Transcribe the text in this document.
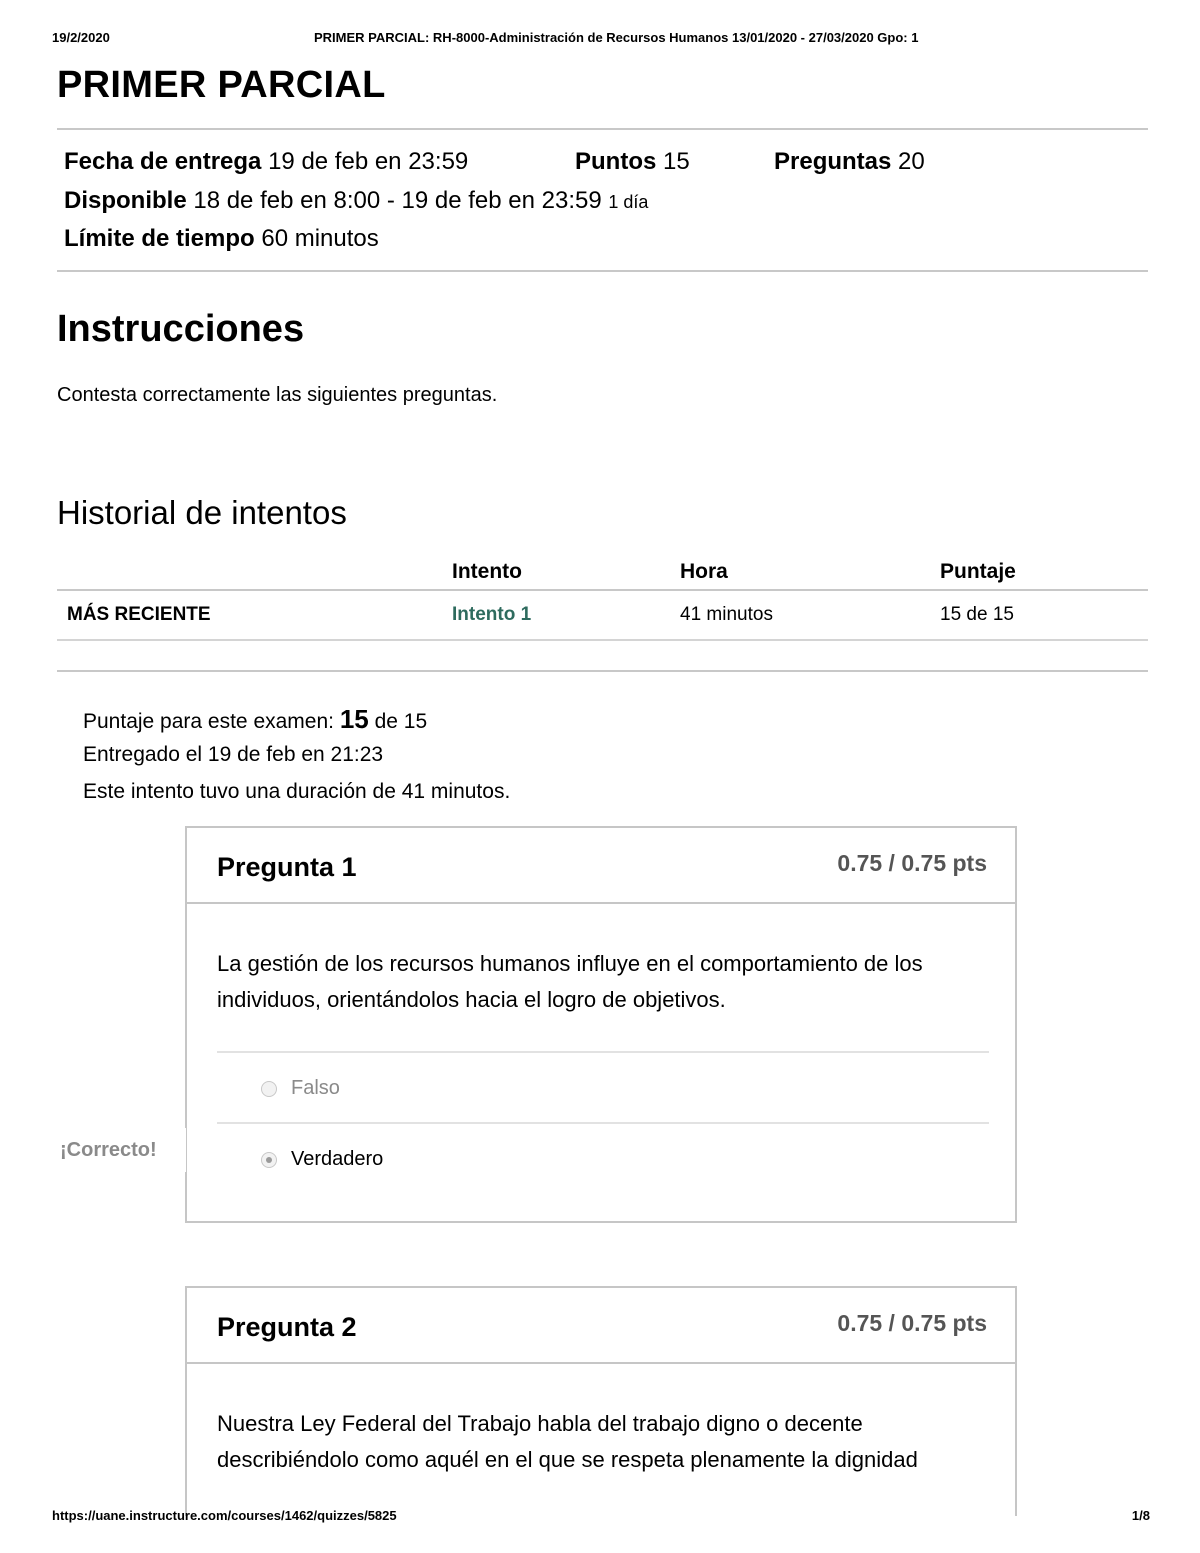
19/2/2020	PRIMER PARCIAL: RH-8000-Administración de Recursos Humanos 13/01/2020 - 27/03/2020 Gpo: 1
PRIMER PARCIAL
Fecha de entrega 19 de feb en 23:59	Puntos 15	Preguntas 20
Disponible 18 de feb en 8:00 - 19 de feb en 23:59 1 día
Límite de tiempo 60 minutos
Instrucciones
Contesta correctamente las siguientes preguntas.
Historial de intentos
	Intento	Hora	Puntaje
MÁS RECIENTE	Intento 1	41 minutos	15 de 15
Puntaje para este examen: 15 de 15
Entregado el 19 de feb en 21:23
Este intento tuvo una duración de 41 minutos.
Pregunta 1	0.75 / 0.75 pts
La gestión de los recursos humanos influye en el comportamiento de los individuos, orientándolos hacia el logro de objetivos.
Falso
Verdadero
¡Correcto!
Pregunta 2	0.75 / 0.75 pts
Nuestra Ley Federal del Trabajo habla del trabajo digno o decente describiéndolo como aquél en el que se respeta plenamente la dignidad
https://uane.instructure.com/courses/1462/quizzes/5825	1/8
